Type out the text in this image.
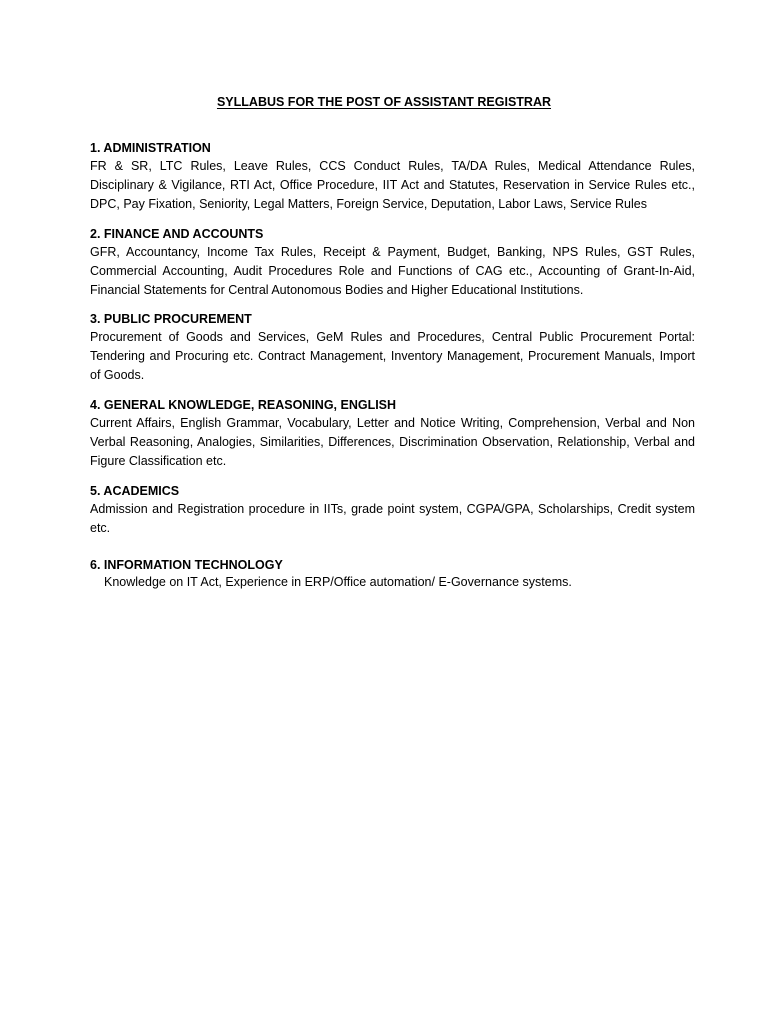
SYLLABUS FOR THE POST OF ASSISTANT REGISTRAR

1. ADMINISTRATION

FR & SR, LTC Rules, Leave Rules, CCS Conduct Rules, TA/DA Rules, Medical Attendance Rules, Disciplinary & Vigilance, RTI Act, Office Procedure, IIT Act and Statutes, Reservation in Service Rules etc., DPC, Pay Fixation, Seniority, Legal Matters, Foreign Service, Deputation, Labor Laws, Service Rules

2. FINANCE AND ACCOUNTS

GFR, Accountancy, Income Tax Rules, Receipt & Payment, Budget, Banking, NPS Rules, GST Rules, Commercial Accounting, Audit Procedures Role and Functions of CAG etc., Accounting of Grant-In-Aid, Financial Statements for Central Autonomous Bodies and Higher Educational Institutions.

3. PUBLIC PROCUREMENT

Procurement of Goods and Services, GeM Rules and Procedures, Central Public Procurement Portal: Tendering and Procuring etc. Contract Management, Inventory Management, Procurement Manuals, Import of Goods.

4. GENERAL KNOWLEDGE, REASONING, ENGLISH

Current Affairs, English Grammar, Vocabulary, Letter and Notice Writing, Comprehension, Verbal and Non Verbal Reasoning, Analogies, Similarities, Differences, Discrimination Observation, Relationship, Verbal and Figure Classification etc.

5. ACADEMICS

Admission and Registration procedure in IITs, grade point system, CGPA/GPA, Scholarships, Credit system etc.

6. INFORMATION TECHNOLOGY

Knowledge on IT Act, Experience in ERP/Office automation/ E-Governance systems.
